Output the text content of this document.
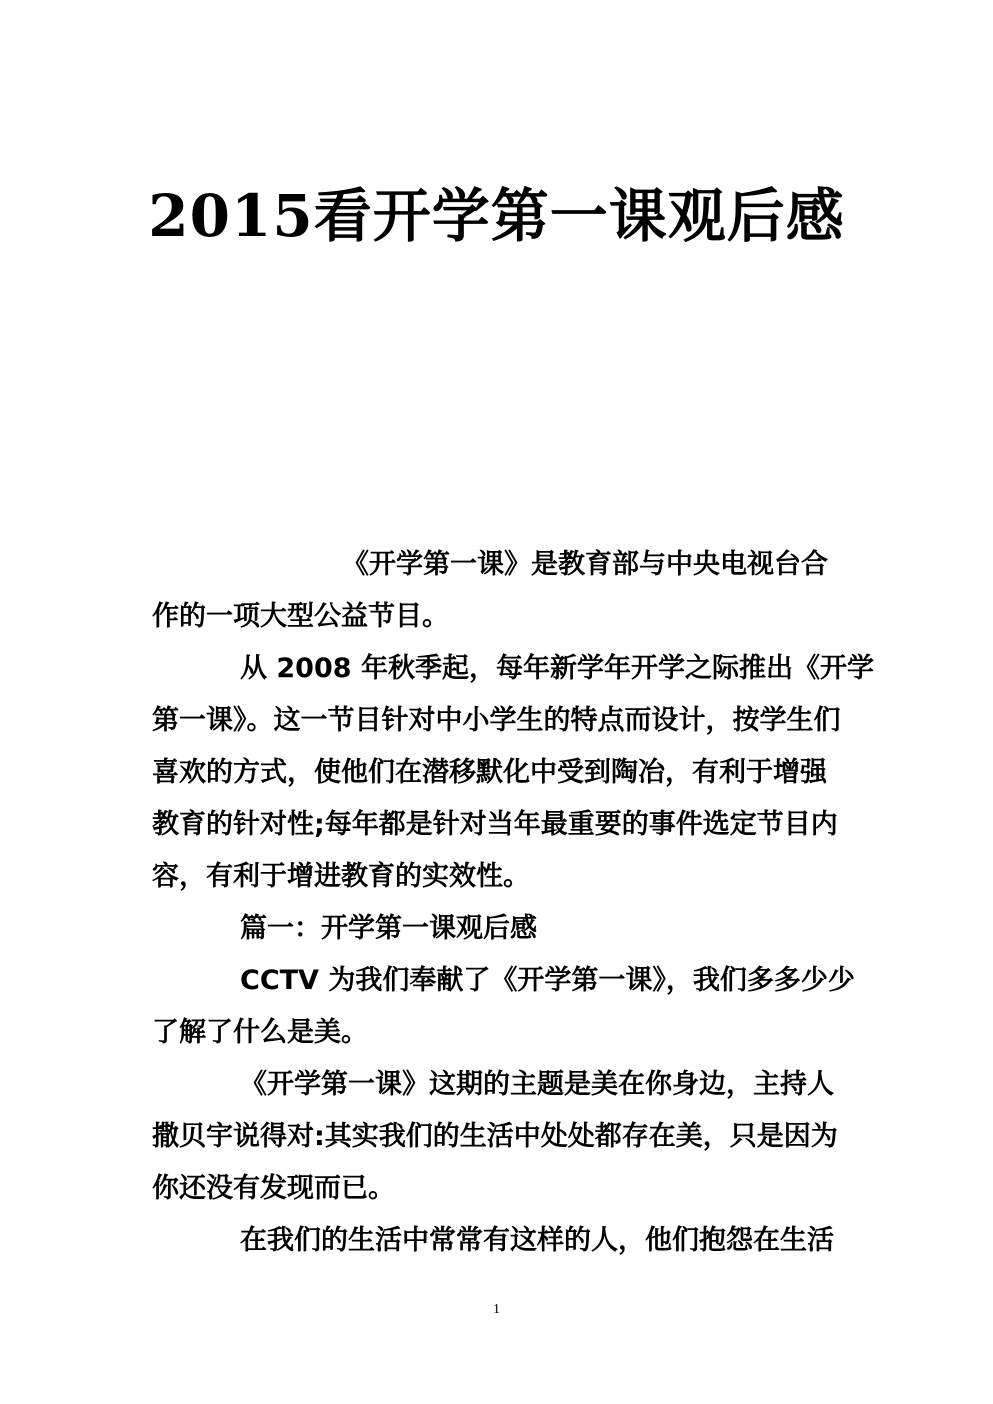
2015看开学第一课观后感
《开学第一课》是教育部与中央电视台合
作的一项大型公益节目。
从 2008 年秋季起，每年新学年开学之际推出《开学
第一课》。这一节目针对中小学生的特点而设计，按学生们
喜欢的方式，使他们在潜移默化中受到陶冶，有利于增强
教育的针对性;每年都是针对当年最重要的事件选定节目内
容，有利于增进教育的实效性。
篇一：开学第一课观后感
CCTV 为我们奉献了《开学第一课》，我们多多少少
了解了什么是美。
《开学第一课》这期的主题是美在你身边，主持人
撒贝宇说得对:其实我们的生活中处处都存在美，只是因为
你还没有发现而已。
在我们的生活中常常有这样的人，他们抱怨在生活
1
